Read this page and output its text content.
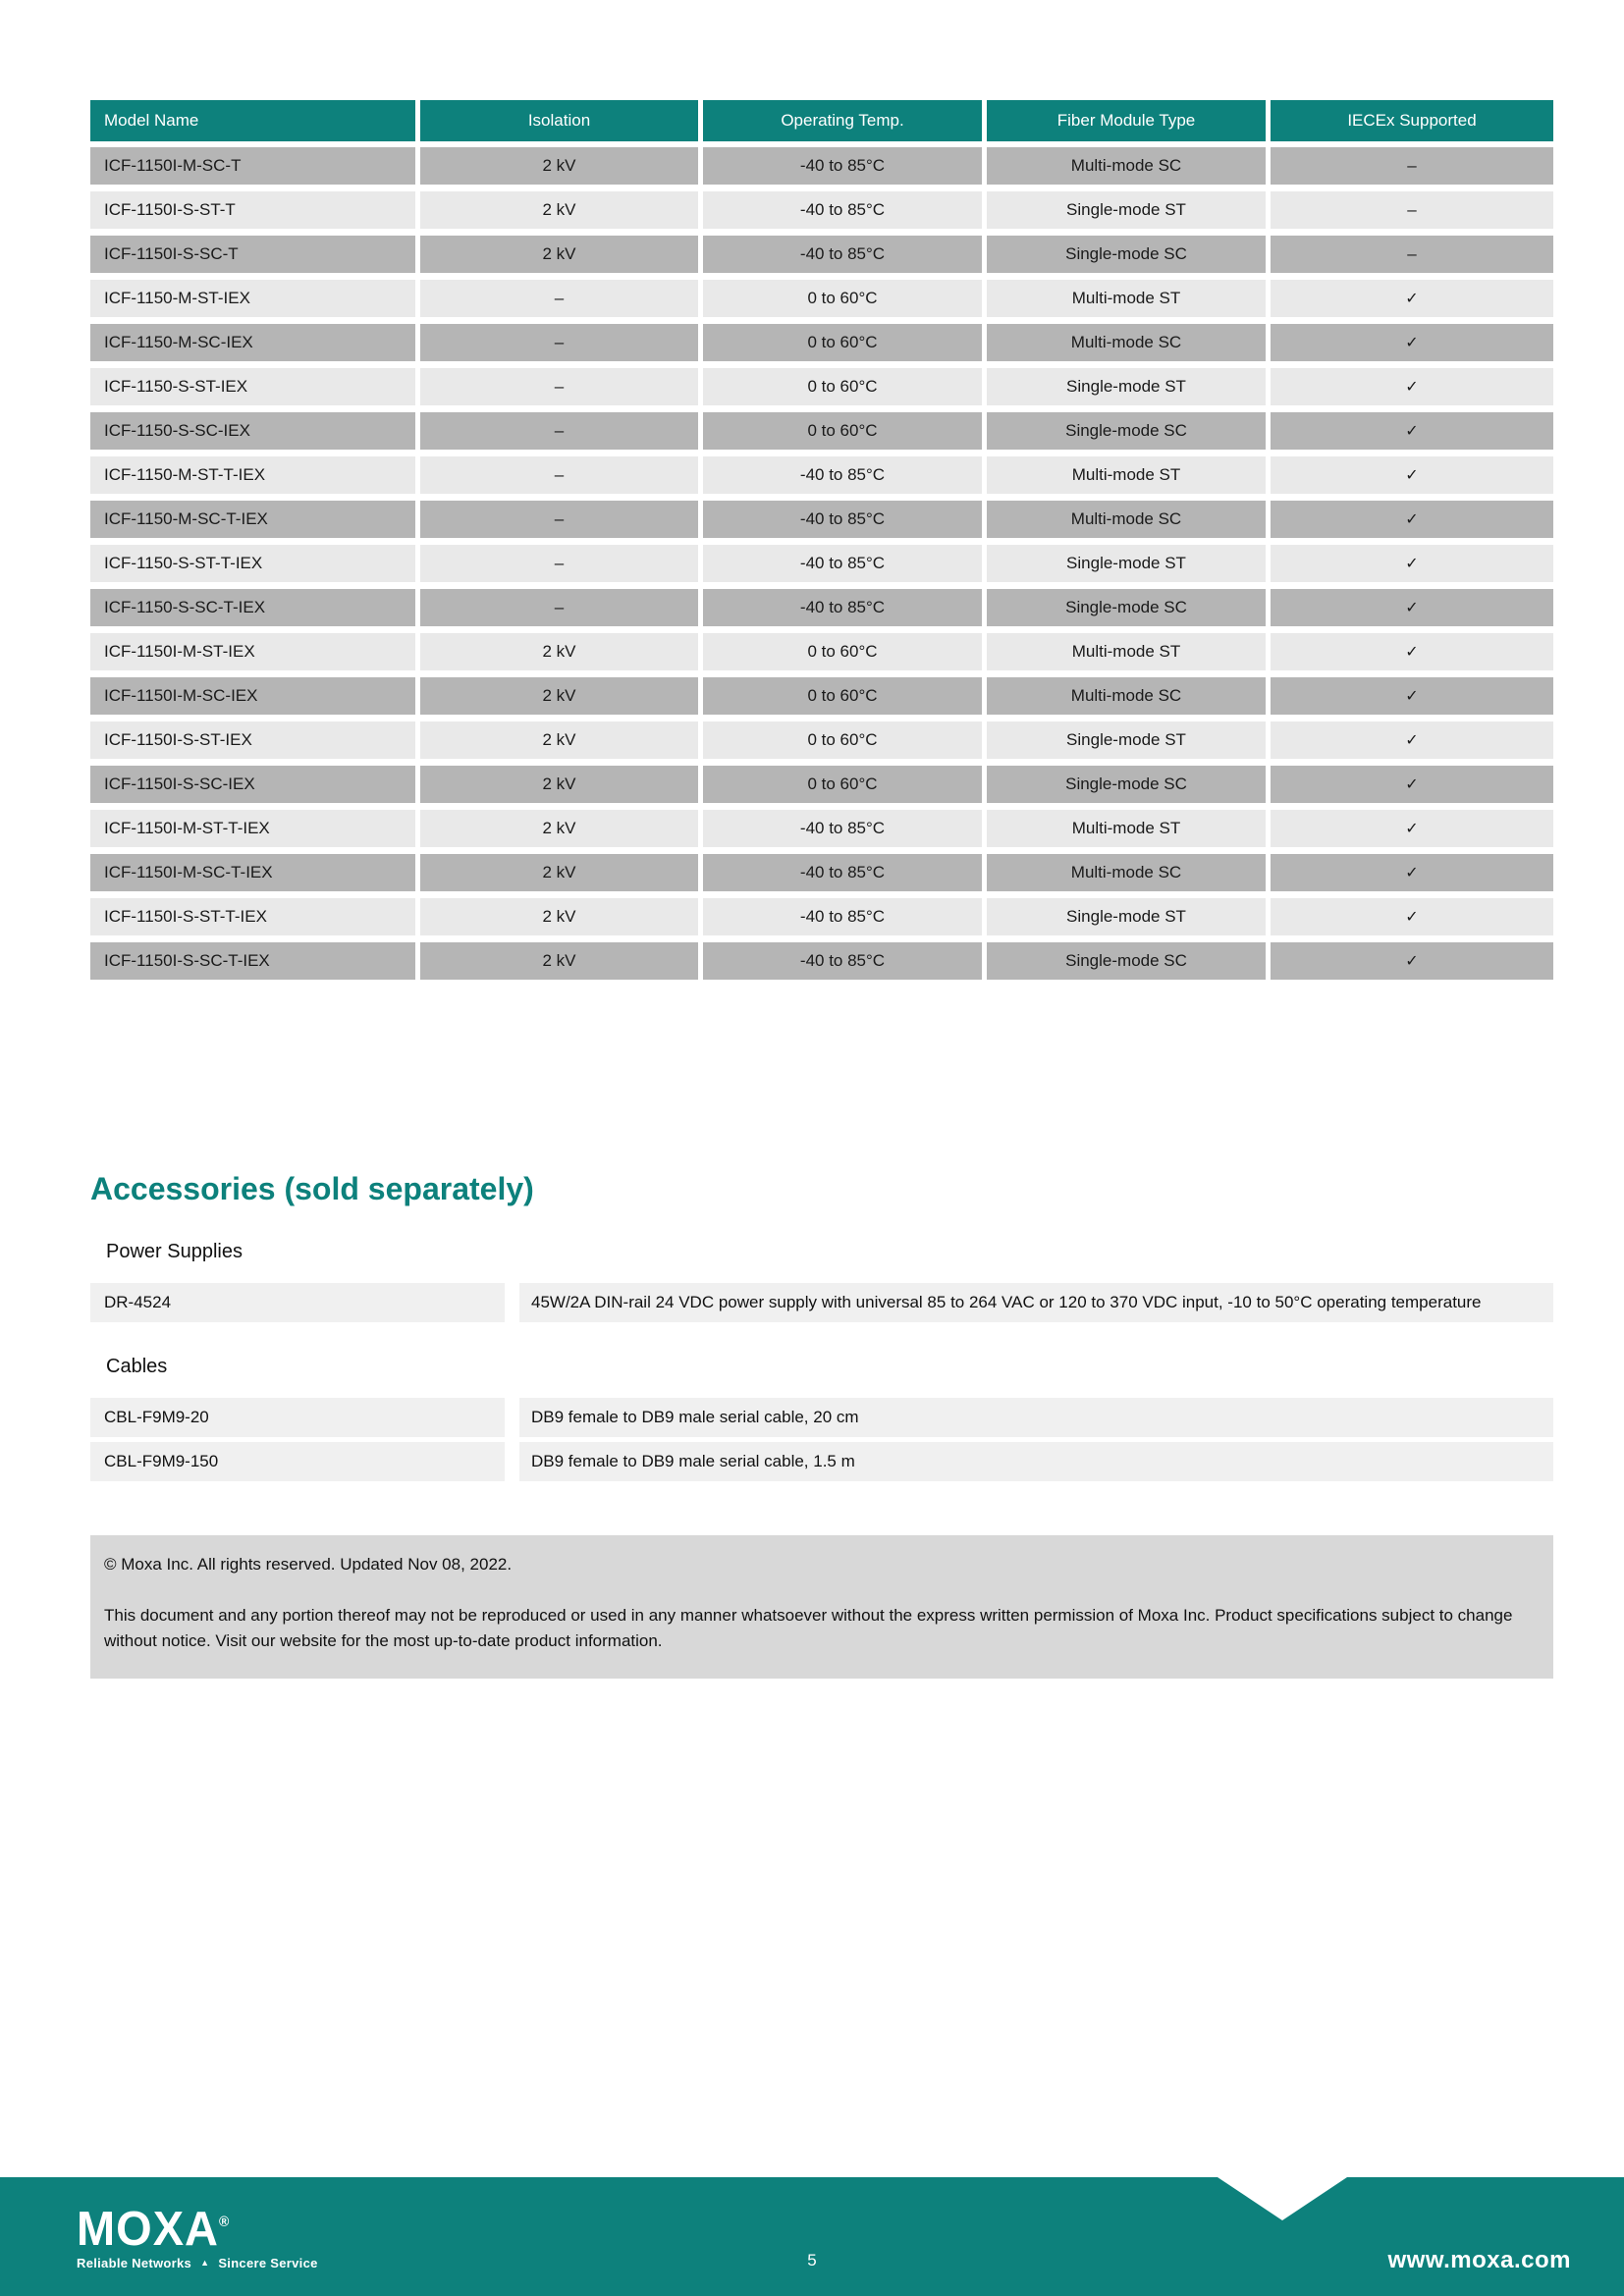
Model Name	Isolation	Operating Temp.	Fiber Module Type	IECEx Supported
ICF-1150I-M-SC-T	2 kV	-40 to 85°C	Multi-mode SC	–
ICF-1150I-S-ST-T	2 kV	-40 to 85°C	Single-mode ST	–
ICF-1150I-S-SC-T	2 kV	-40 to 85°C	Single-mode SC	–
ICF-1150-M-ST-IEX	–	0 to 60°C	Multi-mode ST	✓
ICF-1150-M-SC-IEX	–	0 to 60°C	Multi-mode SC	✓
ICF-1150-S-ST-IEX	–	0 to 60°C	Single-mode ST	✓
ICF-1150-S-SC-IEX	–	0 to 60°C	Single-mode SC	✓
ICF-1150-M-ST-T-IEX	–	-40 to 85°C	Multi-mode ST	✓
ICF-1150-M-SC-T-IEX	–	-40 to 85°C	Multi-mode SC	✓
ICF-1150-S-ST-T-IEX	–	-40 to 85°C	Single-mode ST	✓
ICF-1150-S-SC-T-IEX	–	-40 to 85°C	Single-mode SC	✓
ICF-1150I-M-ST-IEX	2 kV	0 to 60°C	Multi-mode ST	✓
ICF-1150I-M-SC-IEX	2 kV	0 to 60°C	Multi-mode SC	✓
ICF-1150I-S-ST-IEX	2 kV	0 to 60°C	Single-mode ST	✓
ICF-1150I-S-SC-IEX	2 kV	0 to 60°C	Single-mode SC	✓
ICF-1150I-M-ST-T-IEX	2 kV	-40 to 85°C	Multi-mode ST	✓
ICF-1150I-M-SC-T-IEX	2 kV	-40 to 85°C	Multi-mode SC	✓
ICF-1150I-S-ST-T-IEX	2 kV	-40 to 85°C	Single-mode ST	✓
ICF-1150I-S-SC-T-IEX	2 kV	-40 to 85°C	Single-mode SC	✓
Accessories (sold separately)
Power Supplies
DR-4524	45W/2A DIN-rail 24 VDC power supply with universal 85 to 264 VAC or 120 to 370 VDC input, -10 to 50°C operating temperature
Cables
CBL-F9M9-20	DB9 female to DB9 male serial cable, 20 cm
CBL-F9M9-150	DB9 female to DB9 male serial cable, 1.5 m

© Moxa Inc. All rights reserved. Updated Nov 08, 2022.

This document and any portion thereof may not be reproduced or used in any manner whatsoever without the express written permission of Moxa Inc. Product specifications subject to change without notice. Visit our website for the most up-to-date product information.

MOXA®
Reliable Networks ▲ Sincere Service	5	www.moxa.com
